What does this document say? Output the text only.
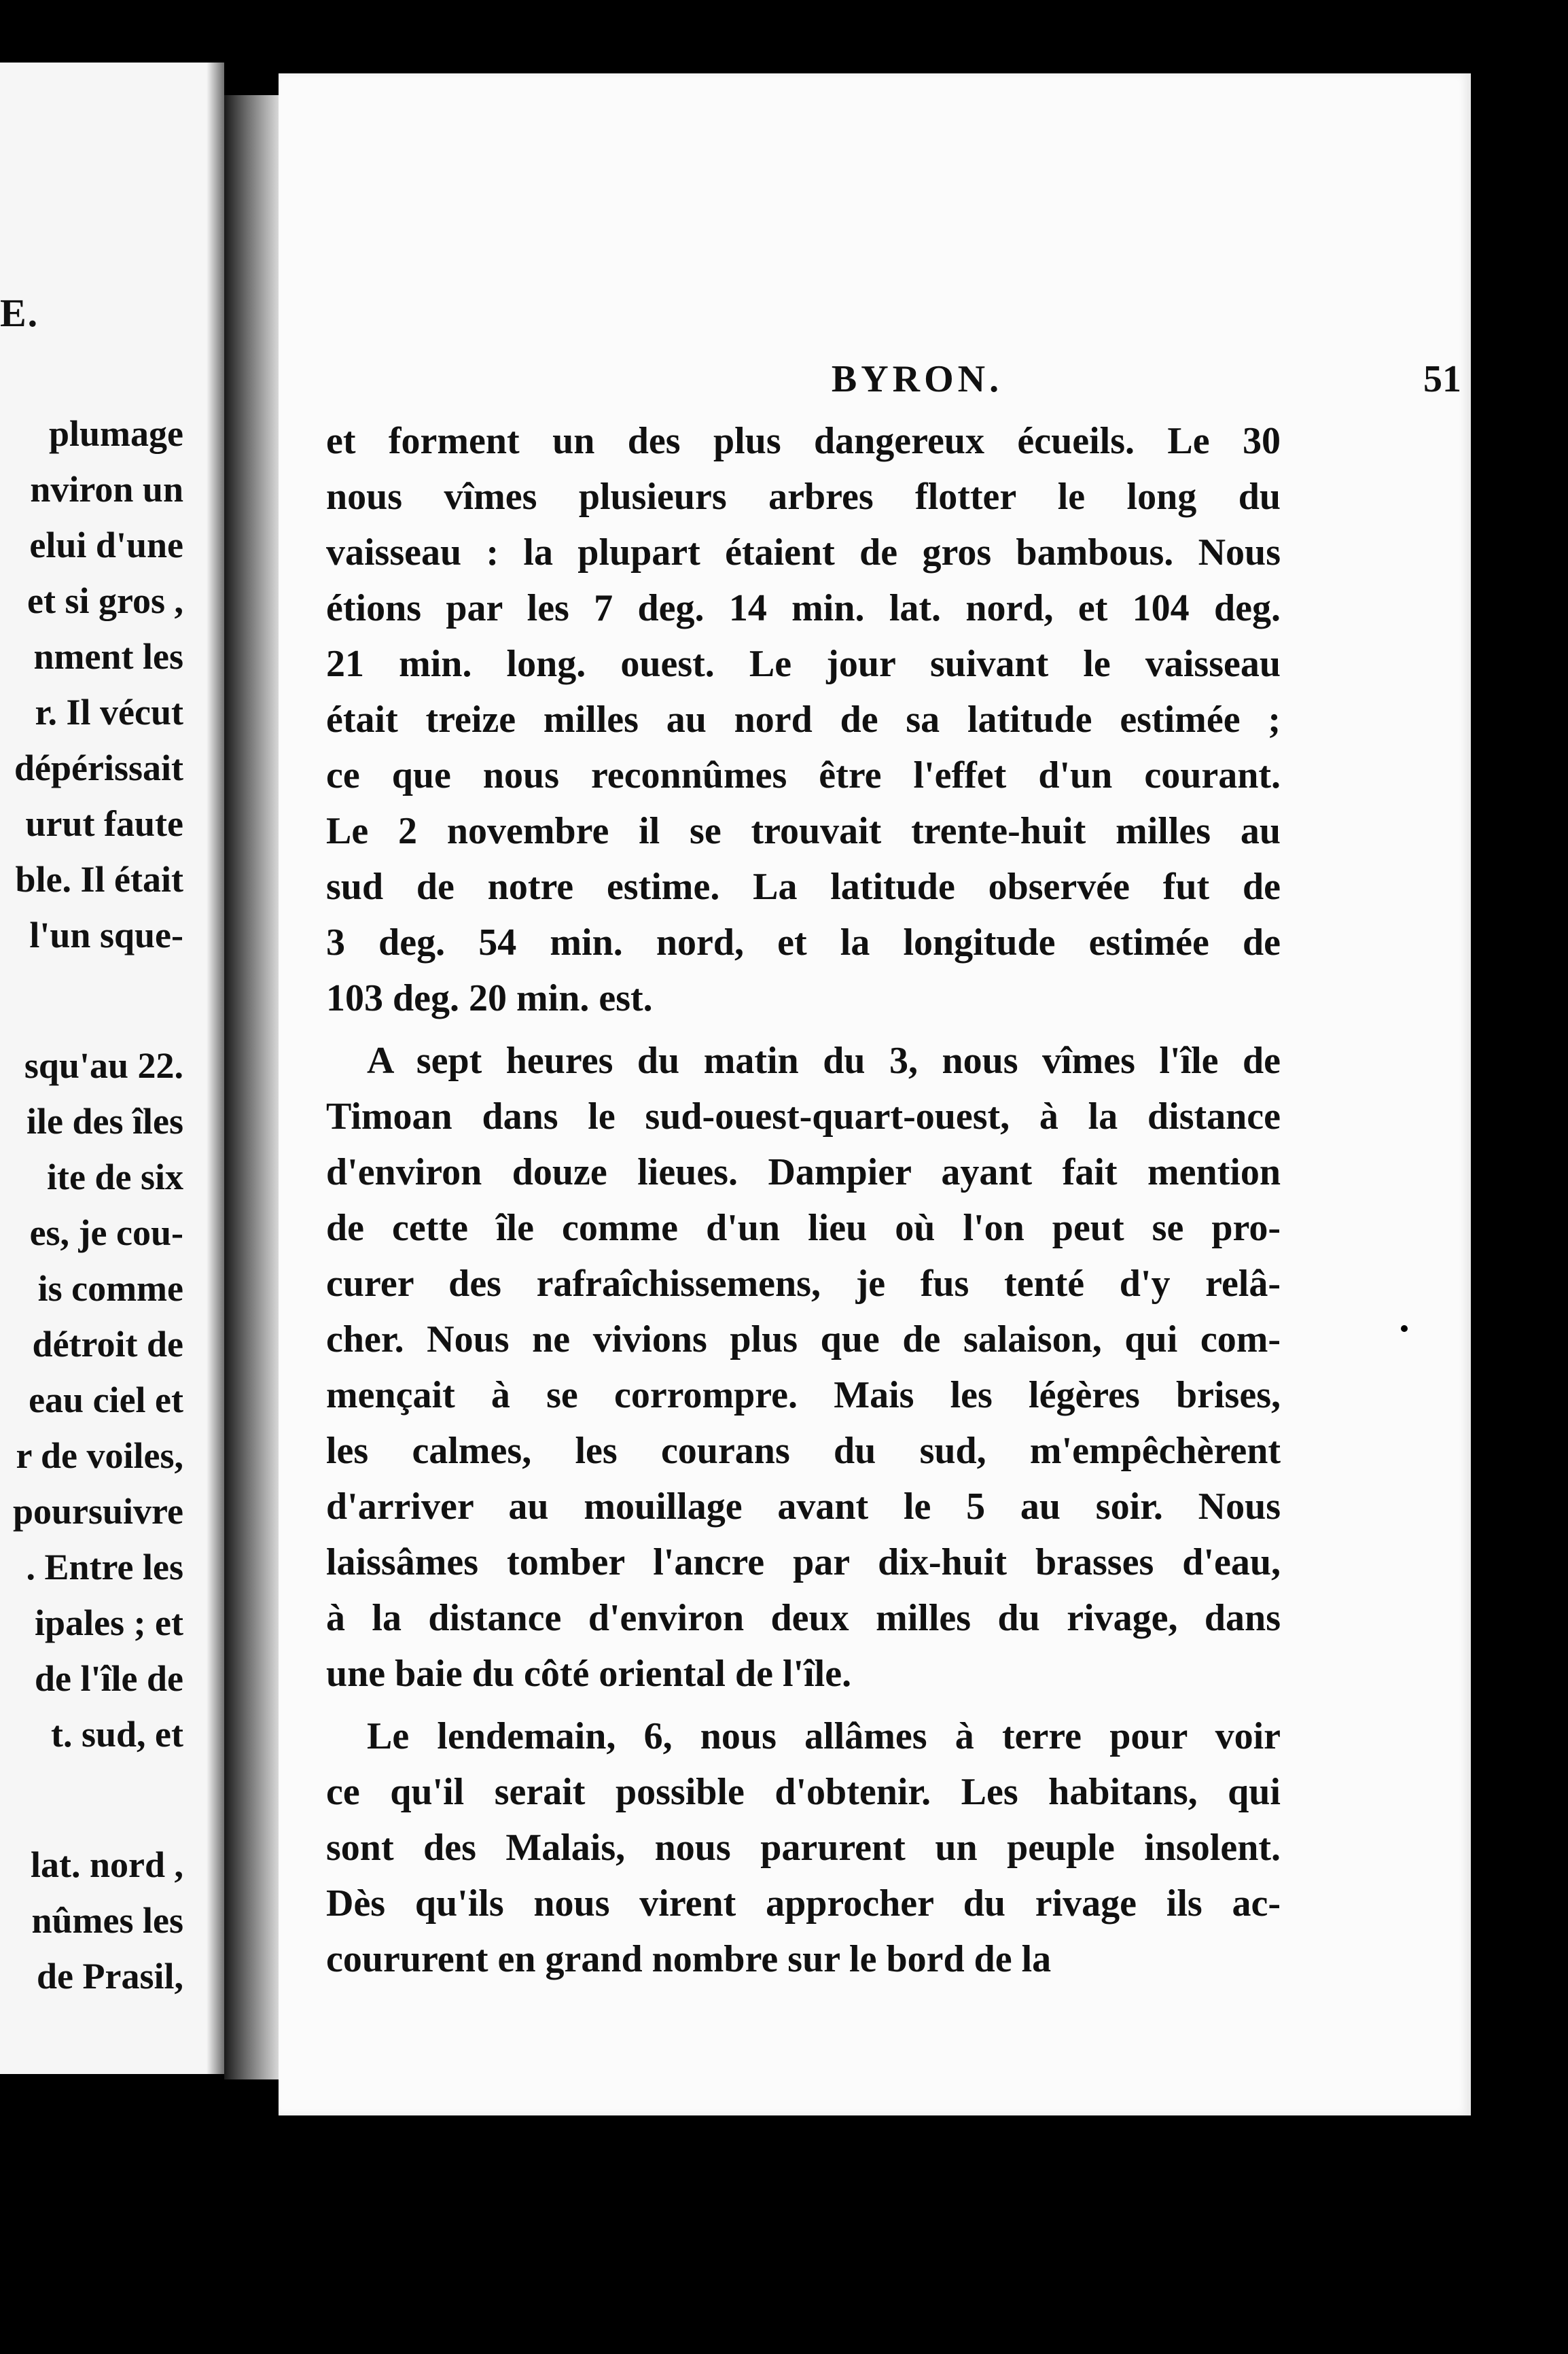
E.
plumage
nviron un
elui d'une
et si gros ,
nment les
r. Il vécut
dépérissait
urut faute
ble. Il était
l'un sque-
squ'au 22.
ile des îles
ite de six
es, je cou-
is comme
détroit de
eau ciel et
r de voiles,
poursuivre
. Entre les
ipales ; et
de l'île de
t. sud, et
lat. nord ,
nûmes les
de Prasil,
BYRON.	51
et forment un des plus dangereux écueils. Le 30
nous vîmes plusieurs arbres flotter le long du
vaisseau : la plupart étaient de gros bambous. Nous
étions par les 7 deg. 14 min. lat. nord, et 104 deg.
21 min. long. ouest. Le jour suivant le vaisseau
était treize milles au nord de sa latitude estimée ;
ce que nous reconnûmes être l'effet d'un courant.
Le 2 novembre il se trouvait trente-huit milles au
sud de notre estime. La latitude observée fut de
3 deg. 54 min. nord, et la longitude estimée de
103 deg. 20 min. est.
A sept heures du matin du 3, nous vîmes l'île de
Timoan dans le sud-ouest-quart-ouest, à la distance
d'environ douze lieues. Dampier ayant fait mention
de cette île comme d'un lieu où l'on peut se pro-
curer des rafraîchissemens, je fus tenté d'y relâ-
cher. Nous ne vivions plus que de salaison, qui com-
mençait à se corrompre. Mais les légères brises,
les calmes, les courans du sud, m'empêchèrent
d'arriver au mouillage avant le 5 au soir. Nous
laissâmes tomber l'ancre par dix-huit brasses d'eau,
à la distance d'environ deux milles du rivage, dans
une baie du côté oriental de l'île.
Le lendemain, 6, nous allâmes à terre pour voir
ce qu'il serait possible d'obtenir. Les habitans, qui
sont des Malais, nous parurent un peuple insolent.
Dès qu'ils nous virent approcher du rivage ils ac-
coururent en grand nombre sur le bord de la
